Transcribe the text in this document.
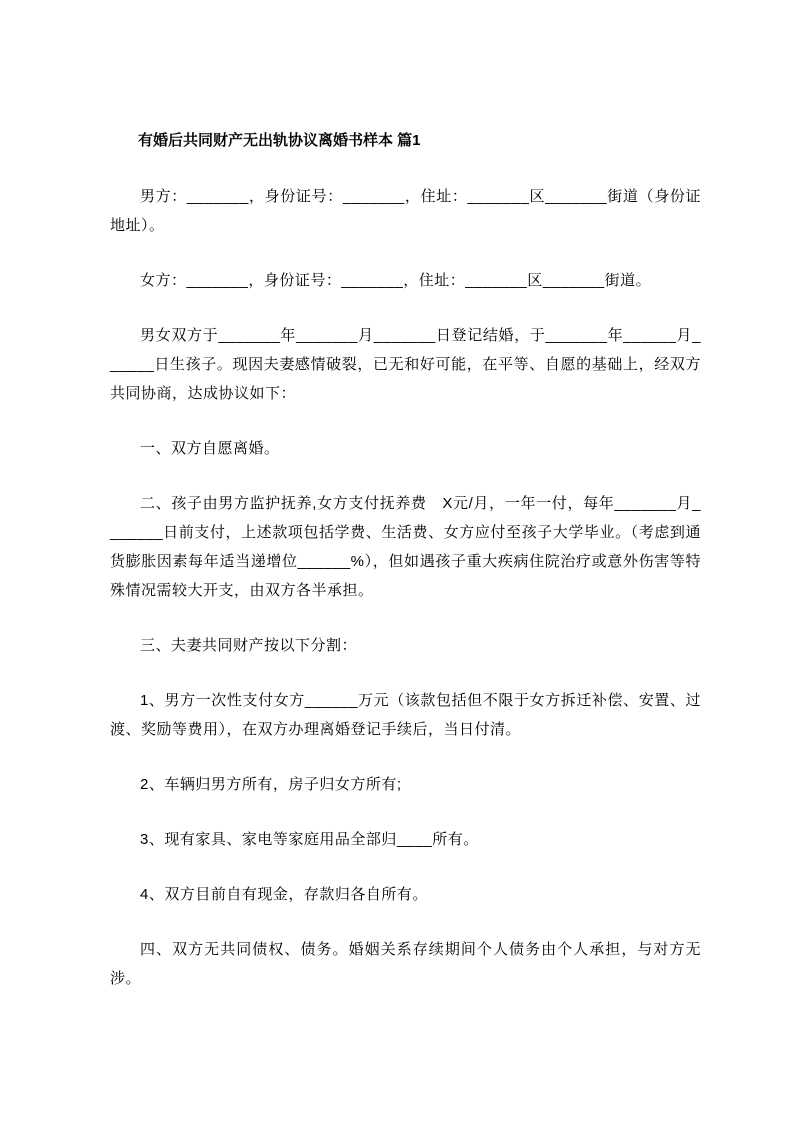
有婚后共同财产无出轨协议离婚书样本 篇1

男方：_______，身份证号：_______，住址：_______区_______街道（身份证地址）。

女方：_______，身份证号：_______，住址：_______区_______街道。

男女双方于_______年_______月_______日登记结婚，于_______年______月______日生孩子。现因夫妻感情破裂，已无和好可能，在平等、自愿的基础上，经双方共同协商，达成协议如下：

一、双方自愿离婚。

二、孩子由男方监护抚养,女方支付抚养费　X元/月，一年一付，每年_______月_______日前支付，上述款项包括学费、生活费、女方应付至孩子大学毕业。（考虑到通货膨胀因素每年适当递增位______%），但如遇孩子重大疾病住院治疗或意外伤害等特殊情况需较大开支，由双方各半承担。

三、夫妻共同财产按以下分割：

1、男方一次性支付女方______万元（该款包括但不限于女方拆迁补偿、安置、过渡、奖励等费用），在双方办理离婚登记手续后，当日付清。

2、车辆归男方所有，房子归女方所有;

3、现有家具、家电等家庭用品全部归____所有。

4、双方目前自有现金，存款归各自所有。

四、双方无共同债权、债务。婚姻关系存续期间个人债务由个人承担，与对方无涉。
